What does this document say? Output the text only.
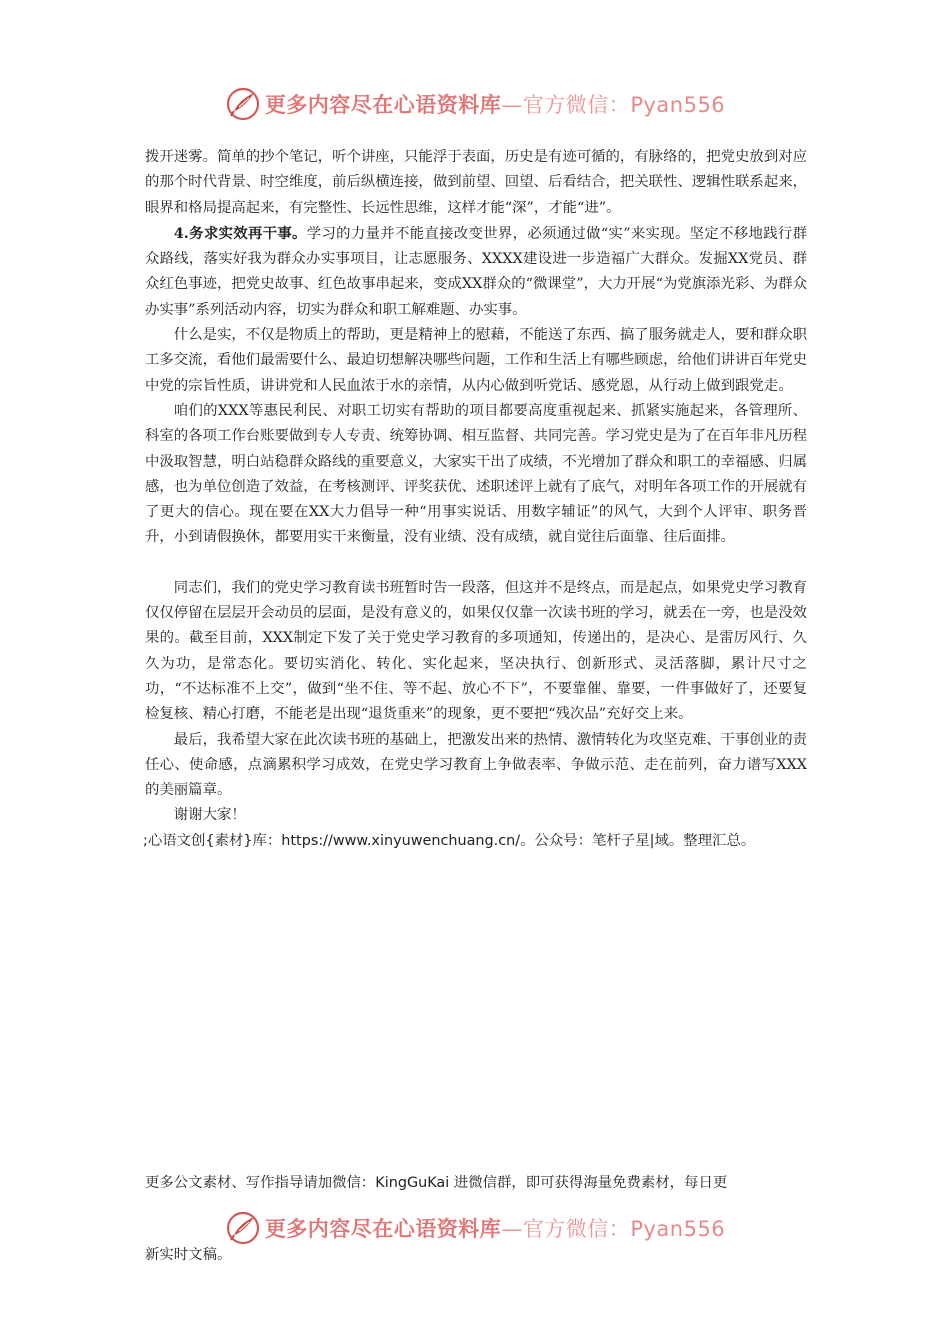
更多内容尽在心语资料库—官方微信：Pyan556

拨开迷雾。简单的抄个笔记，听个讲座，只能浮于表面，历史是有迹可循的，有脉络的，把党史放到对应的那个时代背景、时空维度，前后纵横连接，做到前望、回望、后看结合，把关联性、逻辑性联系起来，眼界和格局提高起来，有完整性、长远性思维，这样才能“深”，才能“进”。

4.务求实效再干事。学习的力量并不能直接改变世界，必须通过做“实”来实现。坚定不移地践行群众路线，落实好我为群众办实事项目，让志愿服务、XXXX建设进一步造福广大群众。发掘XX党员、群众红色事迹，把党史故事、红色故事串起来，变成XX群众的“微课堂”，大力开展“为党旗添光彩、为群众办实事”系列活动内容，切实为群众和职工解难题、办实事。

什么是实，不仅是物质上的帮助，更是精神上的慰藉，不能送了东西、搞了服务就走人，要和群众职工多交流，看他们最需要什么、最迫切想解决哪些问题，工作和生活上有哪些顾虑，给他们讲讲百年党史中党的宗旨性质，讲讲党和人民血浓于水的亲情，从内心做到听党话、感党恩，从行动上做到跟党走。

咱们的XXX等惠民利民、对职工切实有帮助的项目都要高度重视起来、抓紧实施起来，各管理所、科室的各项工作台账要做到专人专责、统筹协调、相互监督、共同完善。学习党史是为了在百年非凡历程中汲取智慧，明白站稳群众路线的重要意义，大家实干出了成绩，不光增加了群众和职工的幸福感、归属感，也为单位创造了效益，在考核测评、评奖获优、述职述评上就有了底气，对明年各项工作的开展就有了更大的信心。现在要在XX大力倡导一种“用事实说话、用数字辅证”的风气，大到个人评审、职务晋升，小到请假换休，都要用实干来衡量，没有业绩、没有成绩，就自觉往后面靠、往后面排。

同志们，我们的党史学习教育读书班暂时告一段落，但这并不是终点，而是起点，如果党史学习教育仅仅停留在层层开会动员的层面，是没有意义的，如果仅仅靠一次读书班的学习，就丢在一旁，也是没效果的。截至目前，XXX制定下发了关于党史学习教育的多项通知，传递出的，是决心、是雷厉风行、久久为功，是常态化。要切实消化、转化、实化起来，坚决执行、创新形式、灵活落脚，累计尺寸之功，“不达标准不上交”，做到“坐不住、等不起、放心不下”，不要靠催、靠要，一件事做好了，还要复检复核、精心打磨，不能老是出现“退货重来”的现象，更不要把“残次品”充好交上来。

最后，我希望大家在此次读书班的基础上，把激发出来的热情、激情转化为攻坚克难、干事创业的责任心、使命感，点滴累积学习成效，在党史学习教育上争做表率、争做示范、走在前列，奋力谱写XXX的美丽篇章。

谢谢大家！

;心语文创{素材}库：https://www.xinyuwenchuang.cn/。公众号：笔杆子星|域。整理汇总。

更多公文素材、写作指导请加微信：KingGuKai 进微信群，即可获得海量免费素材，每日更
更多内容尽在心语资料库—官方微信：Pyan556
新实时文稿。
